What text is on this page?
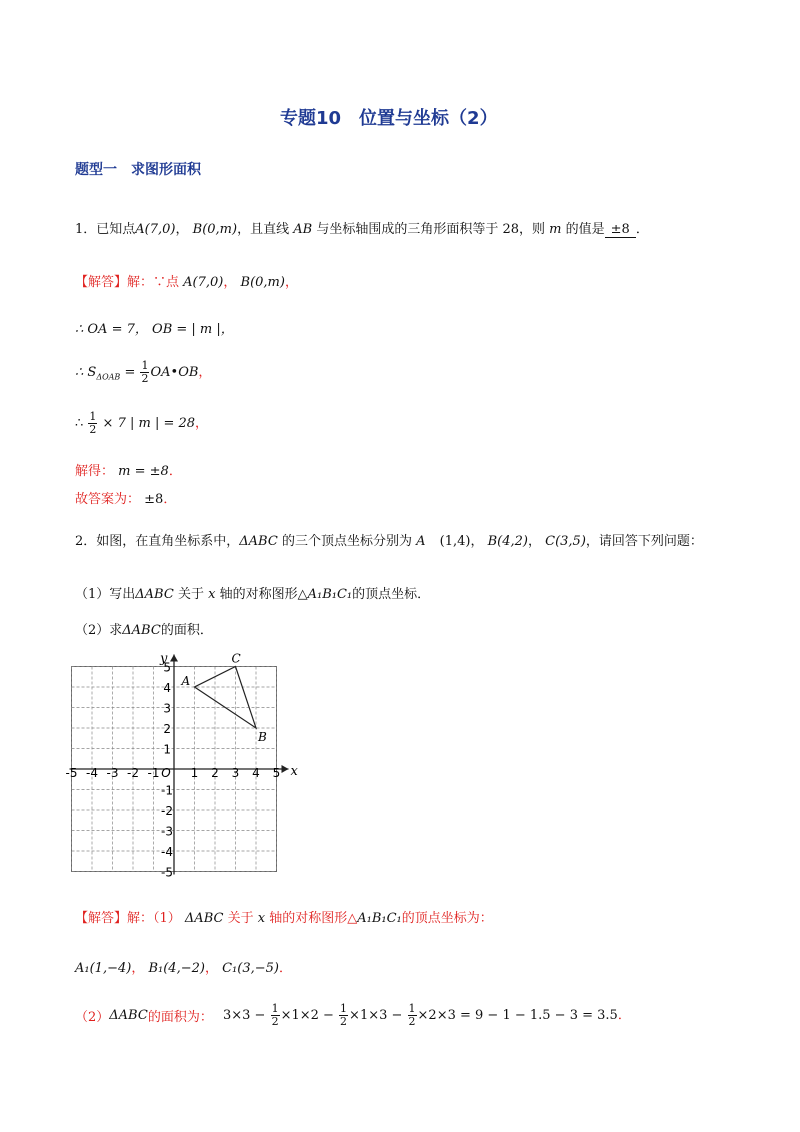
专题10　位置与坐标（2）
题型一　求图形面积
1．已知点A(7,0)， B(0,m)，且直线 AB 与坐标轴围成的三角形面积等于 28，则 m 的值是 ±8 ．
【解答】解：∵点 A(7,0)， B(0,m)，
∴ OA = 7， OB = | m |，
∴ $S_{\Delta OAB} = \frac{1}{2}$ OA•OB，
∴ $\frac{1}{2} \times 7$ | m | = 28，
解得： m = ±8．
故答案为： ±8．
2．如图，在直角坐标系中，ΔABC 的三个顶点坐标分别为 A (1,4)， B(4,2)， C(3,5)，请回答下列问题：
（1）写出ΔABC 关于 x 轴的对称图形△A₁B₁C₁的顶点坐标．
（2）求ΔABC的面积．
x
y
-5 -4 -3 -2 -1 O 1 2 3 4 5
5
4
3
2
1
-1
-2
-3
-4
-5
A
B
C
【解答】解：（1） ΔABC 关于 x 轴的对称图形△A₁B₁C₁的顶点坐标为：
A₁(1,−4)， B₁(4,−2)， C₁(3,−5)．
（2）ΔABC的面积为： $3\times 3 - \frac{1}{2} \times 1\times 2 - \frac{1}{2} \times 1\times 3 - \frac{1}{2} \times 2\times 3 = 9 - 1 - 1.5 - 3 = 3.5$．
